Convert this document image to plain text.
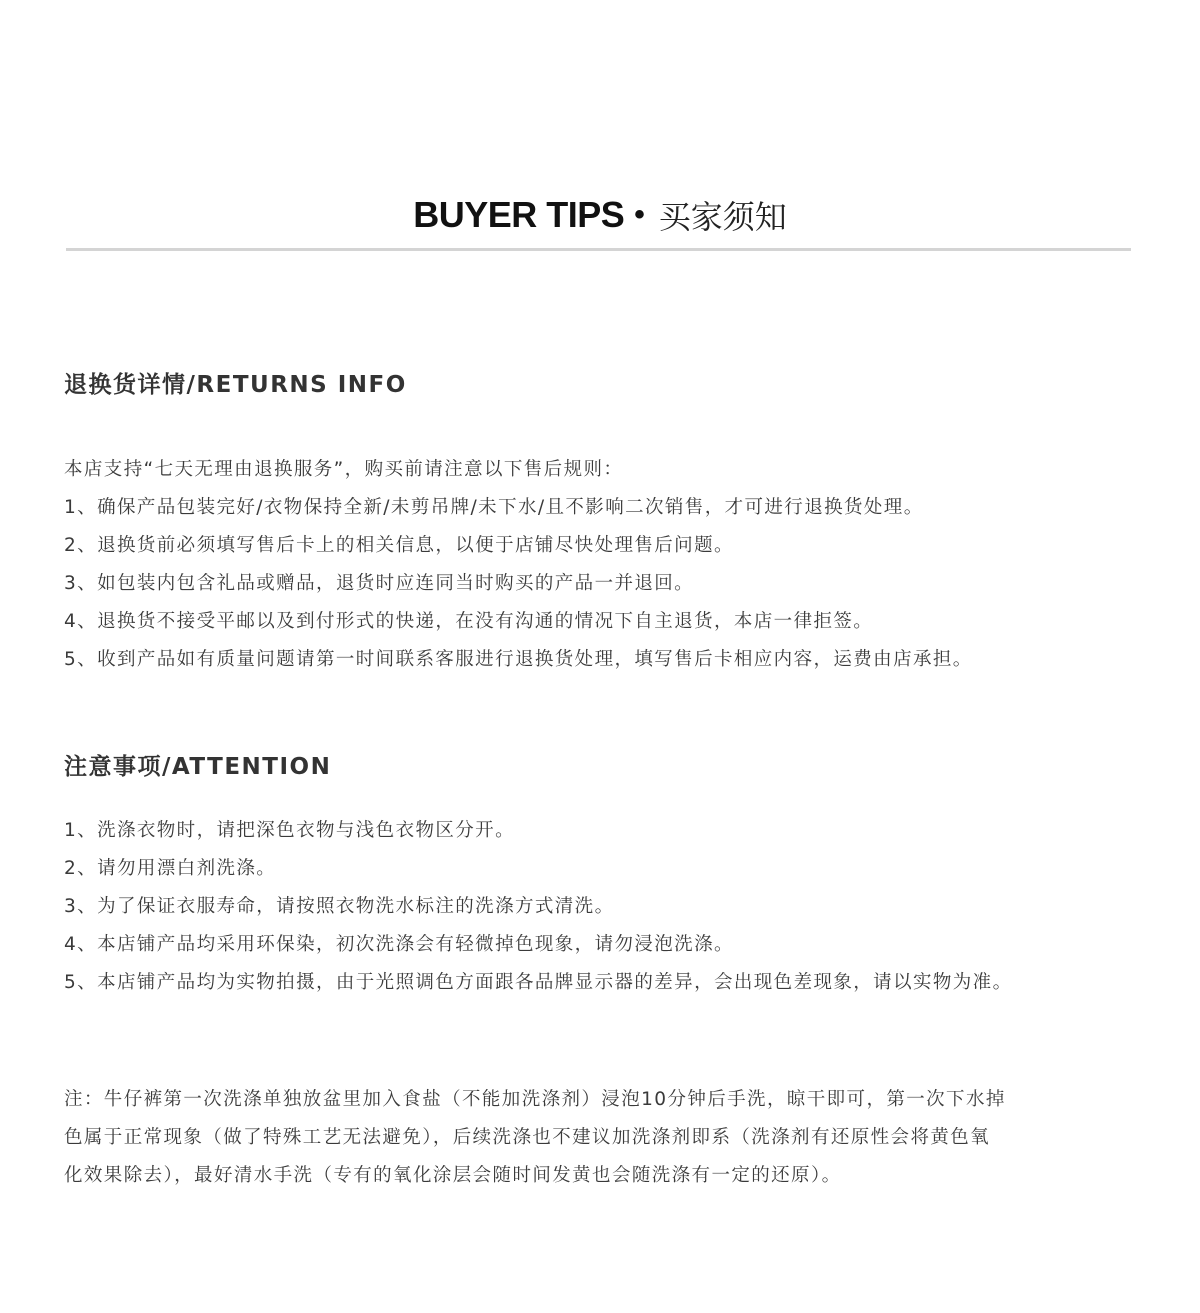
BUYER TIPS • 买家须知
退换货详情/RETURNS INFO
本店支持“七天无理由退换服务”，购买前请注意以下售后规则：
1、确保产品包装完好/衣物保持全新/未剪吊牌/未下水/且不影响二次销售，才可进行退换货处理。
2、退换货前必须填写售后卡上的相关信息，以便于店铺尽快处理售后问题。
3、如包装内包含礼品或赠品，退货时应连同当时购买的产品一并退回。
4、退换货不接受平邮以及到付形式的快递，在没有沟通的情况下自主退货，本店一律拒签。
5、收到产品如有质量问题请第一时间联系客服进行退换货处理，填写售后卡相应内容，运费由店承担。
注意事项/ATTENTION
1、洗涤衣物时，请把深色衣物与浅色衣物区分开。
2、请勿用漂白剂洗涤。
3、为了保证衣服寿命，请按照衣物洗水标注的洗涤方式清洗。
4、本店铺产品均采用环保染，初次洗涤会有轻微掉色现象，请勿浸泡洗涤。
5、本店铺产品均为实物拍摄，由于光照调色方面跟各品牌显示器的差异，会出现色差现象，请以实物为准。
注：牛仔裤第一次洗涤单独放盆里加入食盐（不能加洗涤剂）浸泡10分钟后手洗，晾干即可，第一次下水掉
色属于正常现象（做了特殊工艺无法避免），后续洗涤也不建议加洗涤剂即系（洗涤剂有还原性会将黄色氧
化效果除去），最好清水手洗（专有的氧化涂层会随时间发黄也会随洗涤有一定的还原）。
